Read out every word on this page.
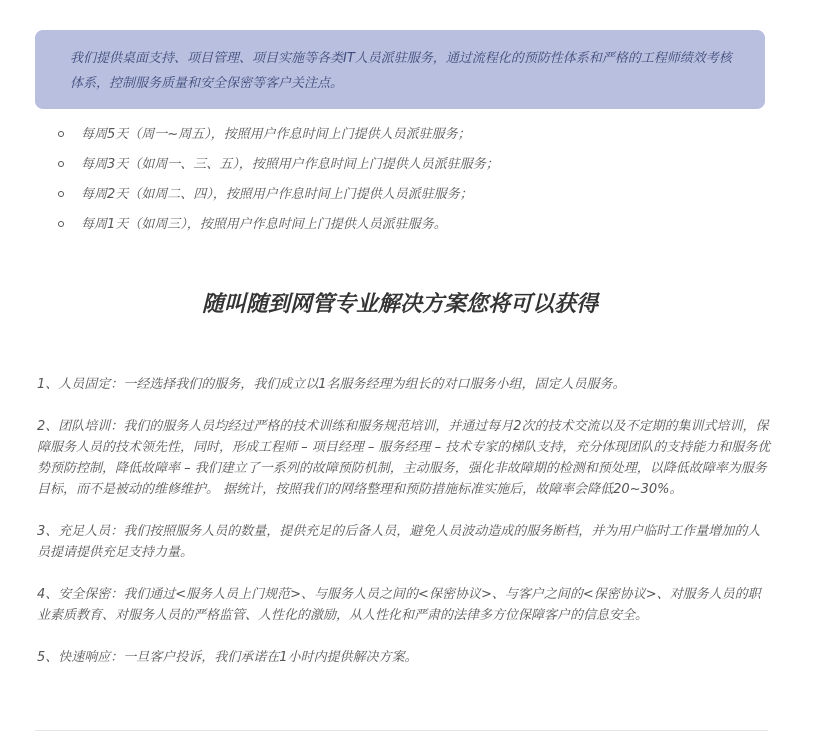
我们提供桌面支持、项目管理、项目实施等各类IT人员派驻服务，通过流程化的预防性体系和严格的工程师绩效考核体系，控制服务质量和安全保密等客户关注点。
每周5天（周一~周五），按照用户作息时间上门提供人员派驻服务；
每周3天（如周一、三、五），按照用户作息时间上门提供人员派驻服务；
每周2天（如周二、四），按照用户作息时间上门提供人员派驻服务；
每周1天（如周三），按照用户作息时间上门提供人员派驻服务。
随叫随到网管专业解决方案您将可以获得

1、人员固定：一经选择我们的服务，我们成立以1名服务经理为组长的对口服务小组，固定人员服务。

2、团队培训：我们的服务人员均经过严格的技术训练和服务规范培训，并通过每月2次的技术交流以及不定期的集训式培训，保障服务人员的技术领先性，同时，形成工程师 – 项目经理 – 服务经理 – 技术专家的梯队支持，充分体现团队的支持能力和服务优势预防控制，降低故障率 – 我们建立了一系列的故障预防机制，主动服务，强化非故障期的检测和预处理，以降低故障率为服务目标，而不是被动的维修维护。 据统计，按照我们的网络整理和预防措施标准实施后，故障率会降低20~30%。

3、充足人员：我们按照服务人员的数量，提供充足的后备人员，避免人员波动造成的服务断档，并为用户临时工作量增加的人员提请提供充足支持力量。

4、安全保密：我们通过<服务人员上门规范>、与服务人员之间的<保密协议>、与客户之间的<保密协议>、对服务人员的职业素质教育、对服务人员的严格监管、人性化的激励，从人性化和严肃的法律多方位保障客户的信息安全。

5、快速响应：一旦客户投诉，我们承诺在1小时内提供解决方案。
